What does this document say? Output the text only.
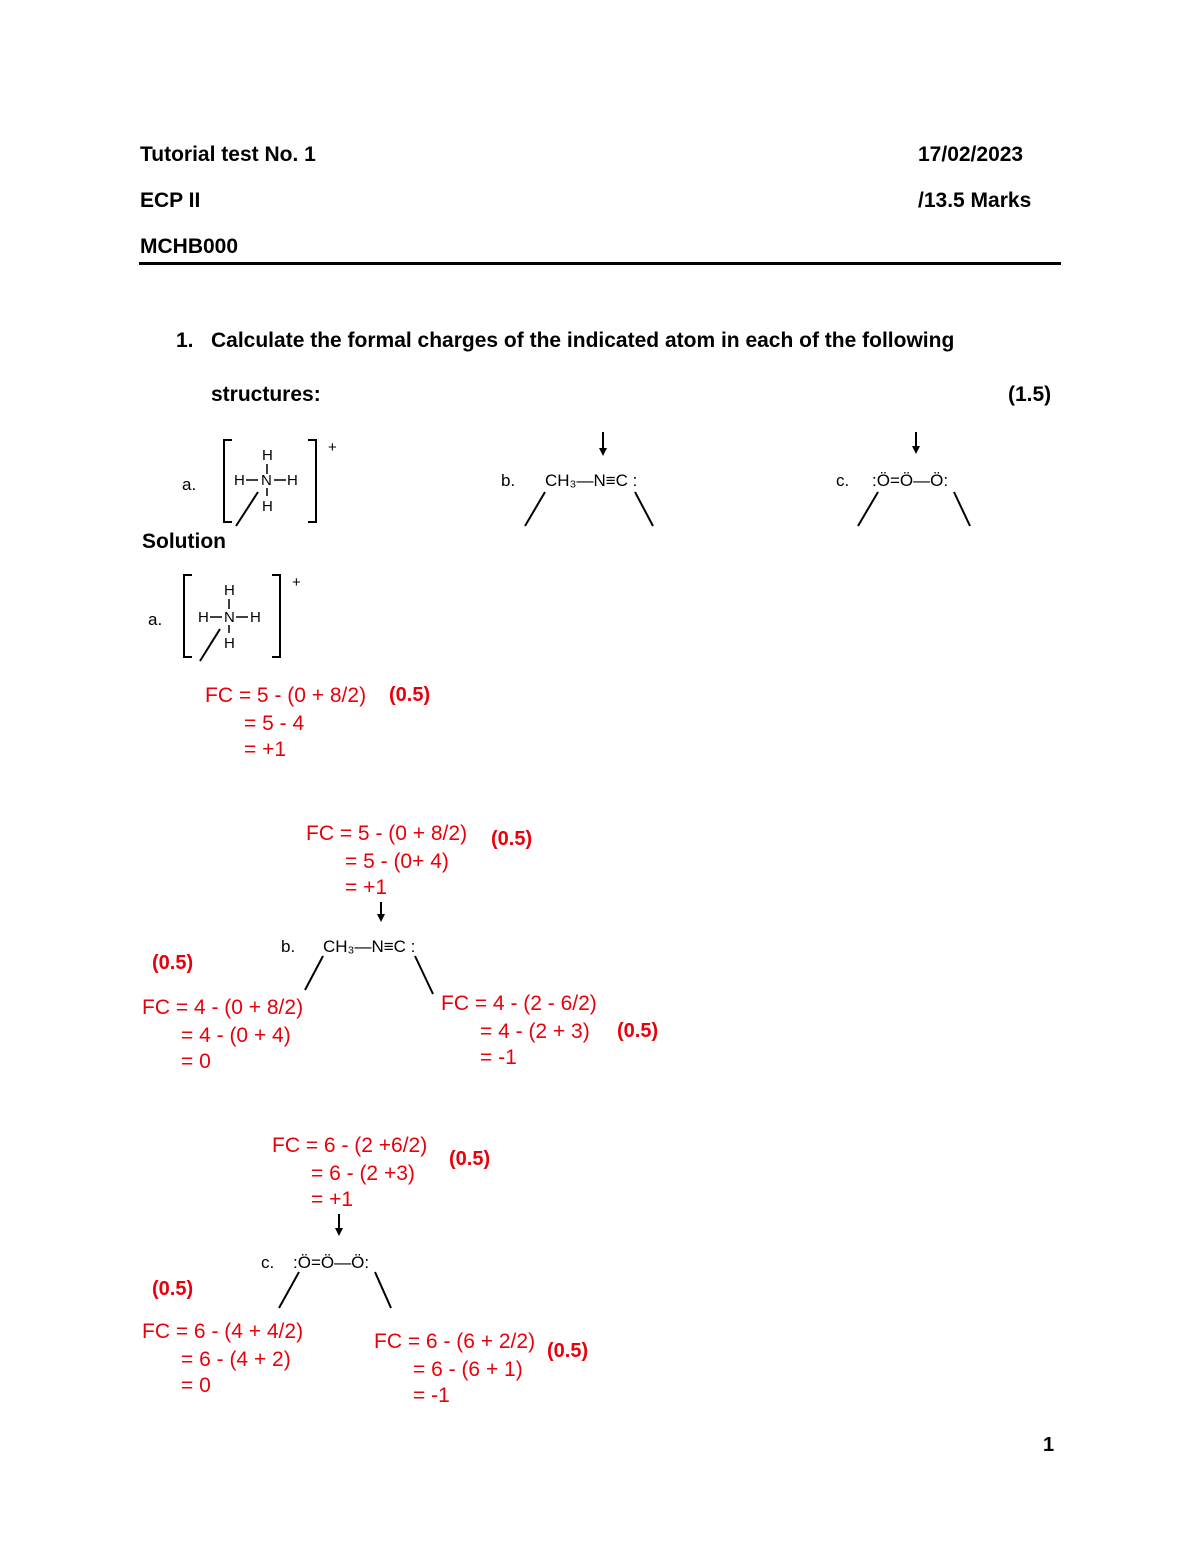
Tutorial test No. 1	17/02/2023
ECP II	/13.5 Marks
MCHB000
1. Calculate the formal charges of the indicated atom in each of the following
structures:	(1.5)
a.
+
H
H N H
H
b. CH₃—N≡C :	c. :Ö=Ö—Ö:
Solution
a.
+
H
H N H
H
FC = 5 - (0 + 8/2) (0.5)
= 5 - 4
= +1
FC = 5 - (0 + 8/2) (0.5)
= 5 - (0+ 4)
= +1
b. CH₃—N≡C :
(0.5)
FC = 4 - (0 + 8/2)
= 4 - (0 + 4)
= 0
FC = 4 - (2 - 6/2)
= 4 - (2 + 3) (0.5)
= -1
FC = 6 - (2 +6/2)
= 6 - (2 +3)
(0.5)
= +1
c. :Ö=Ö—Ö:
(0.5)
FC = 6 - (4 + 4/2)
= 6 - (4 + 2)
= 0
FC = 6 - (6 + 2/2) (0.5)
= 6 - (6 + 1)
= -1
1
